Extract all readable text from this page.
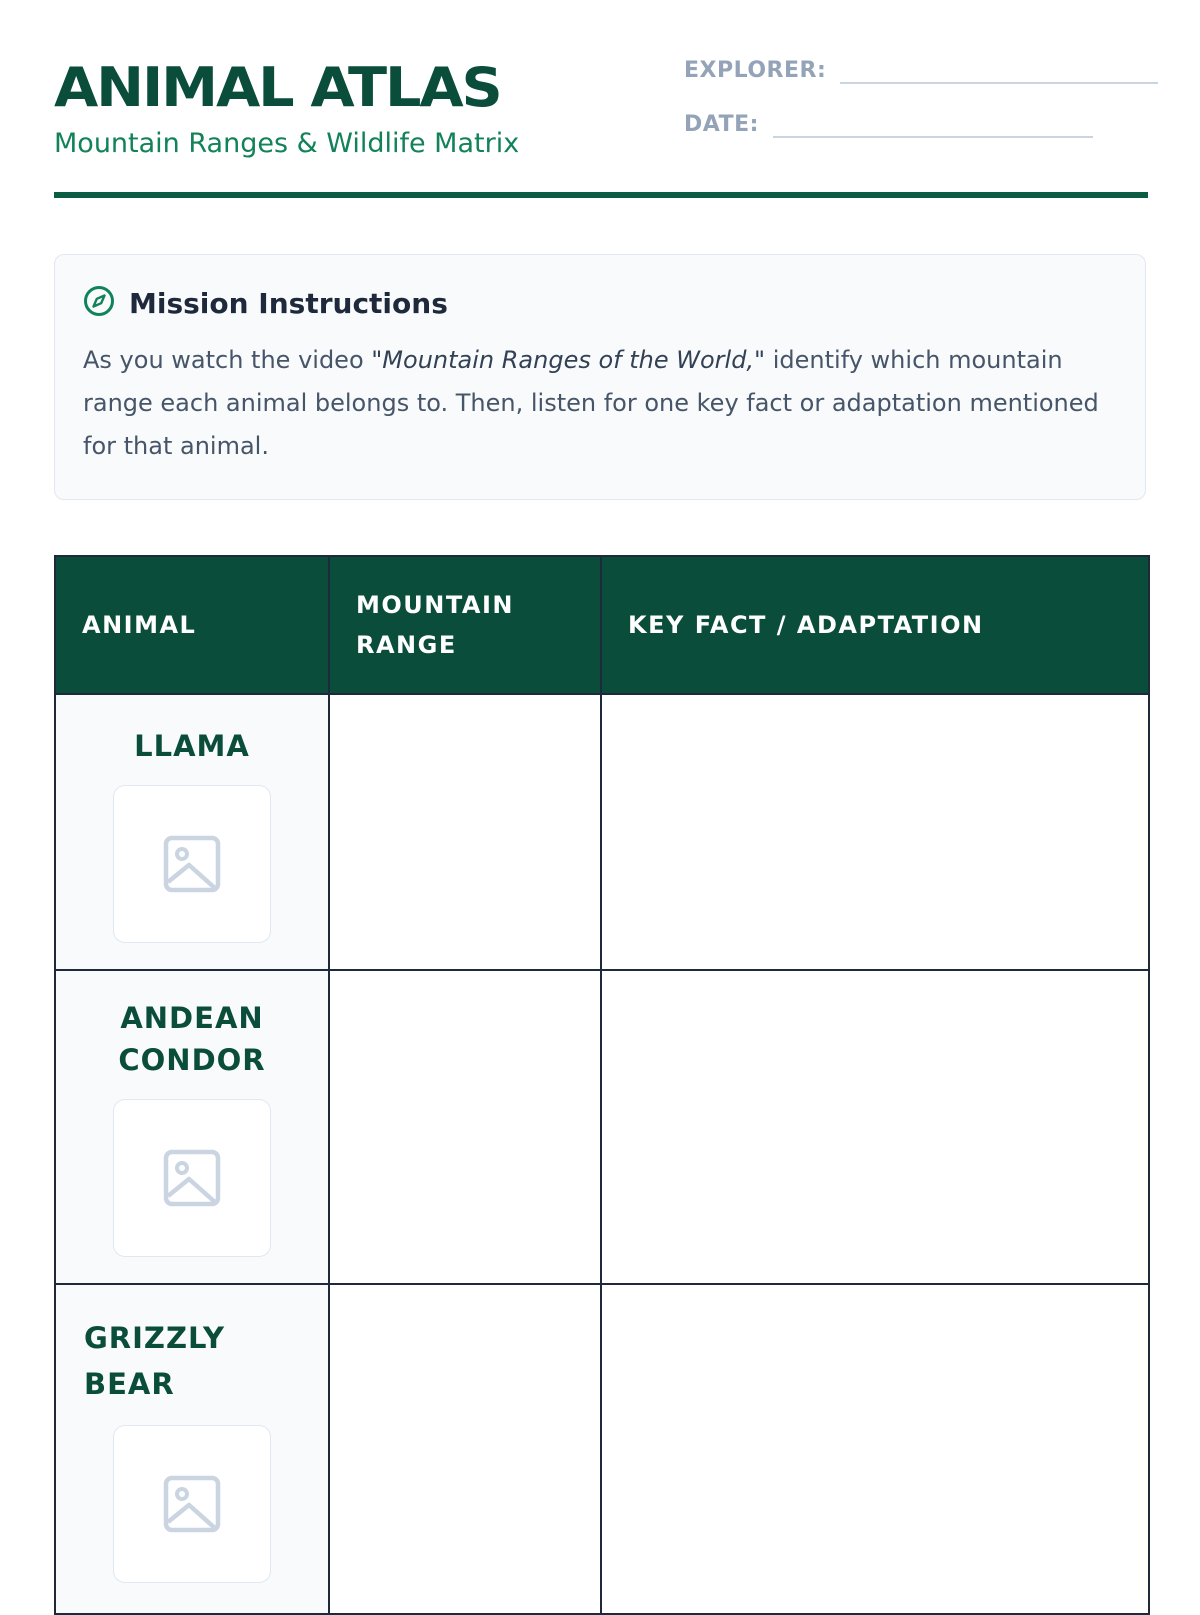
ANIMAL ATLAS
Mountain Ranges & Wildlife Matrix
EXPLORER:
DATE:
Mission Instructions
As you watch the video "Mountain Ranges of the World," identify which mountain range each animal belongs to. Then, listen for one key fact or adaptation mentioned for that animal.
ANIMAL	MOUNTAIN RANGE	KEY FACT / ADAPTATION

LLAMA		

ANDEAN CONDOR		

GRIZZLY BEAR		
